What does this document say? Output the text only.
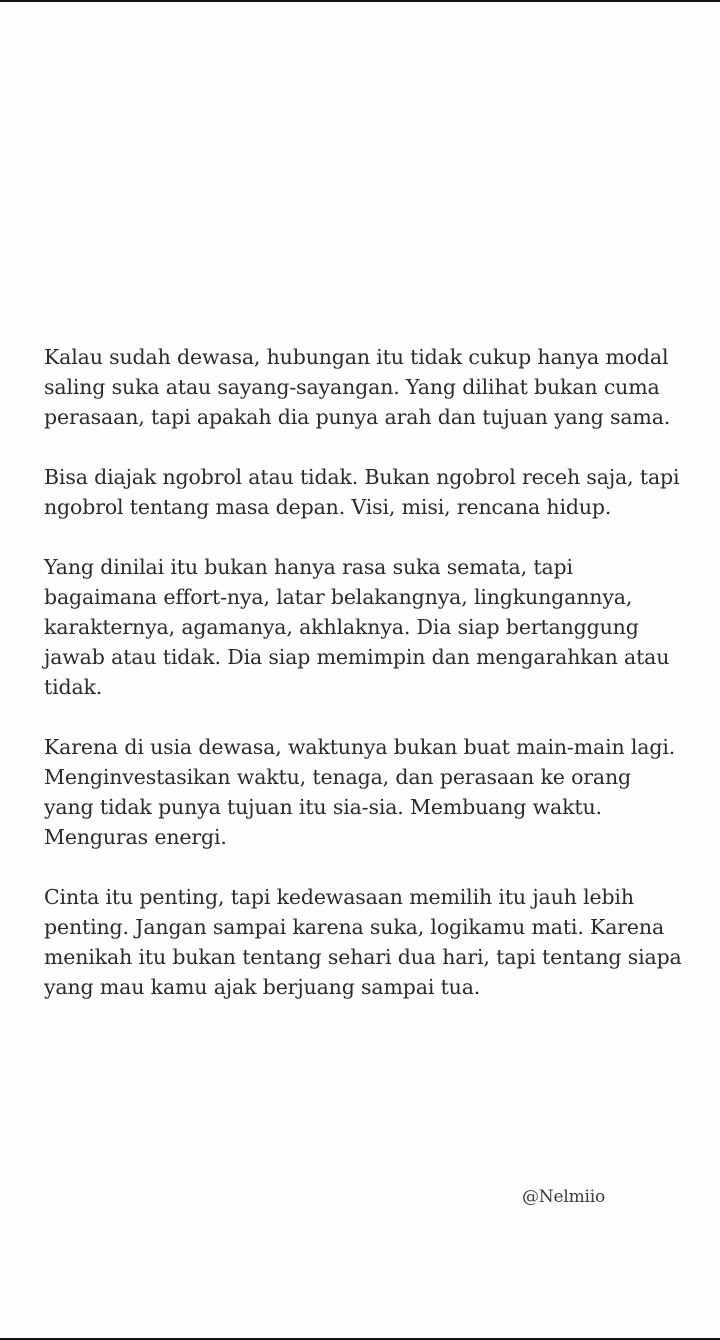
Kalau sudah dewasa, hubungan itu tidak cukup hanya modal
saling suka atau sayang-sayangan. Yang dilihat bukan cuma
perasaan, tapi apakah dia punya arah dan tujuan yang sama.

Bisa diajak ngobrol atau tidak. Bukan ngobrol receh saja, tapi
ngobrol tentang masa depan. Visi, misi, rencana hidup.

Yang dinilai itu bukan hanya rasa suka semata, tapi
bagaimana effort-nya, latar belakangnya, lingkungannya,
karakternya, agamanya, akhlaknya. Dia siap bertanggung
jawab atau tidak. Dia siap memimpin dan mengarahkan atau
tidak.

Karena di usia dewasa, waktunya bukan buat main-main lagi.
Menginvestasikan waktu, tenaga, dan perasaan ke orang
yang tidak punya tujuan itu sia-sia. Membuang waktu.
Menguras energi.

Cinta itu penting, tapi kedewasaan memilih itu jauh lebih
penting. Jangan sampai karena suka, logikamu mati. Karena
menikah itu bukan tentang sehari dua hari, tapi tentang siapa
yang mau kamu ajak berjuang sampai tua.

@Nelmiio
